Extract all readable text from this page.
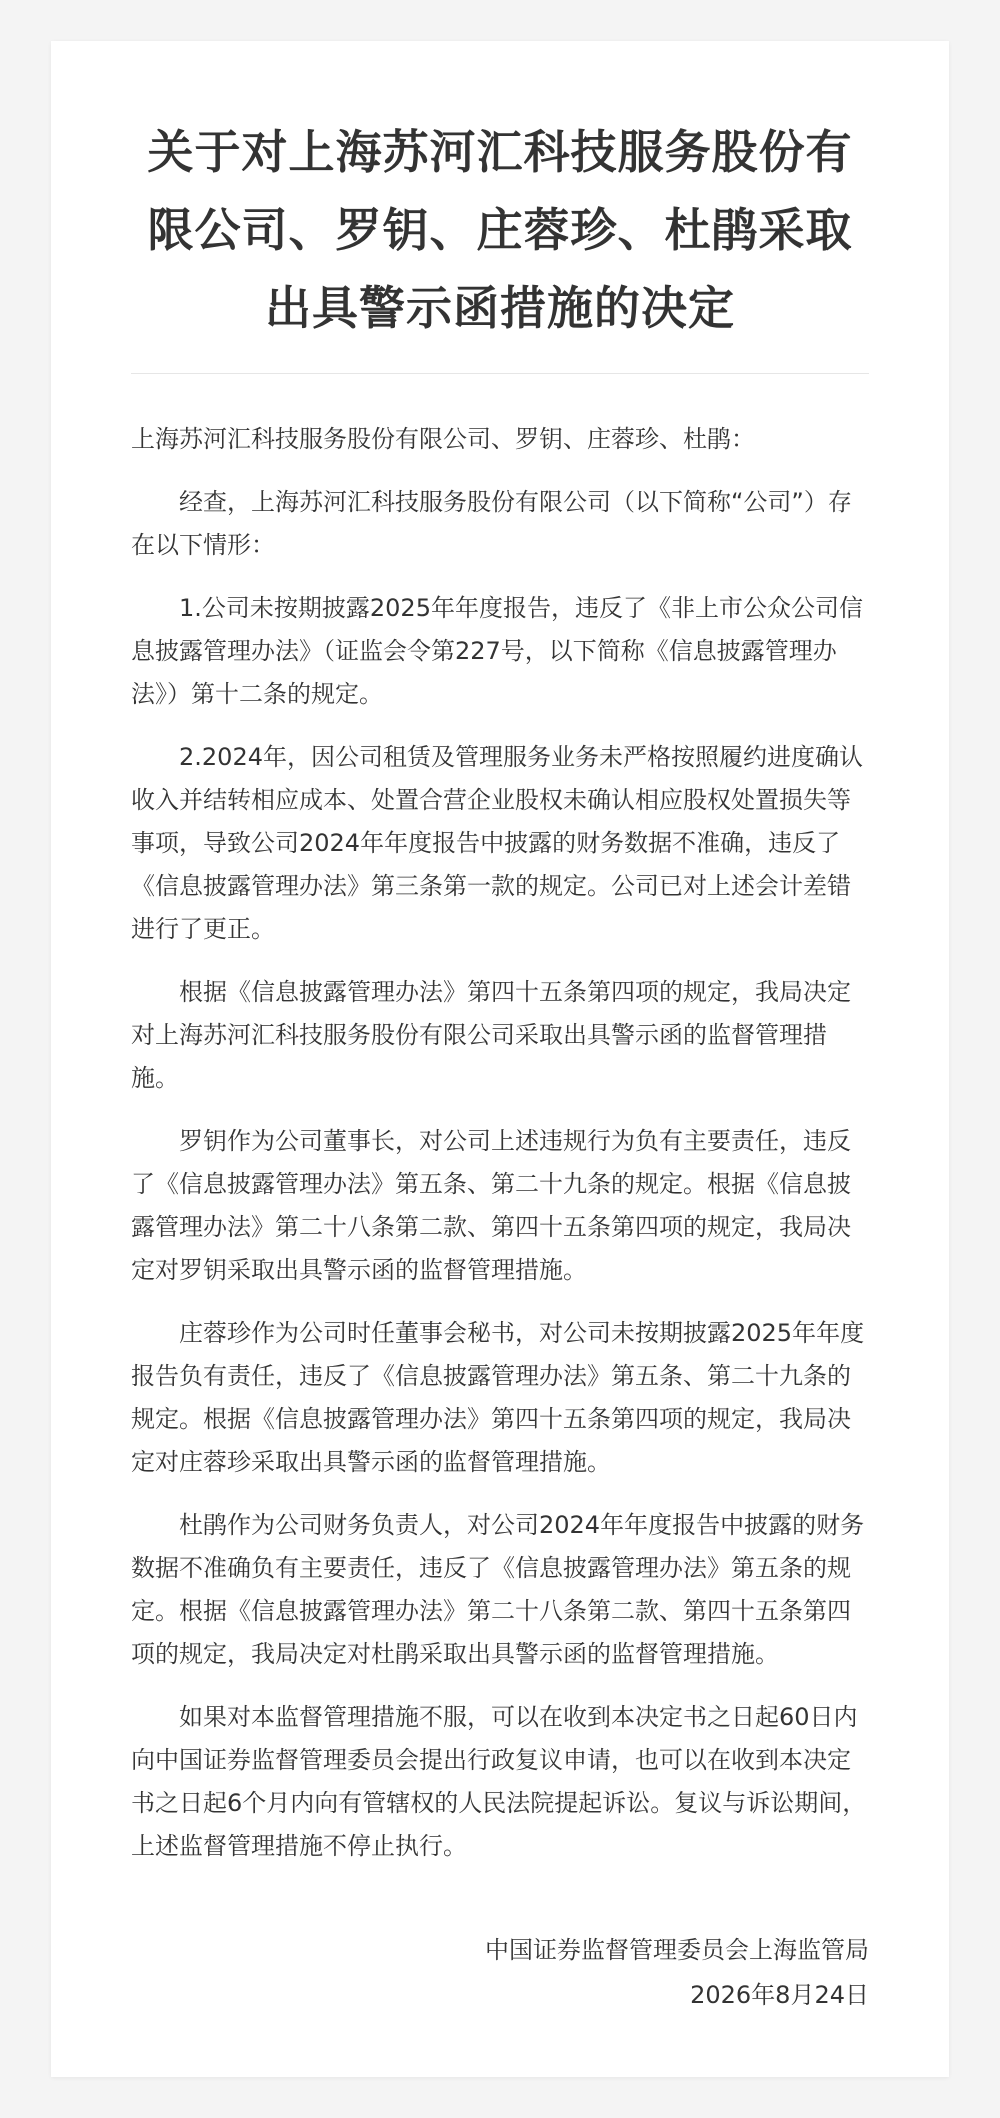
关于对上海苏河汇科技服务股份有限公司、罗钥、庄蓉珍、杜鹃采取出具警示函措施的决定

上海苏河汇科技服务股份有限公司、罗钥、庄蓉珍、杜鹃：

经查，上海苏河汇科技服务股份有限公司（以下简称“公司”）存在以下情形：

1.公司未按期披露2025年年度报告，违反了《非上市公众公司信息披露管理办法》（证监会令第227号，以下简称《信息披露管理办法》）第十二条的规定。

2.2024年，因公司租赁及管理服务业务未严格按照履约进度确认收入并结转相应成本、处置合营企业股权未确认相应股权处置损失等事项，导致公司2024年年度报告中披露的财务数据不准确，违反了《信息披露管理办法》第三条第一款的规定。公司已对上述会计差错进行了更正。

根据《信息披露管理办法》第四十五条第四项的规定，我局决定对上海苏河汇科技服务股份有限公司采取出具警示函的监督管理措施。

罗钥作为公司董事长，对公司上述违规行为负有主要责任，违反了《信息披露管理办法》第五条、第二十九条的规定。根据《信息披露管理办法》第二十八条第二款、第四十五条第四项的规定，我局决定对罗钥采取出具警示函的监督管理措施。

庄蓉珍作为公司时任董事会秘书，对公司未按期披露2025年年度报告负有责任，违反了《信息披露管理办法》第五条、第二十九条的规定。根据《信息披露管理办法》第四十五条第四项的规定，我局决定对庄蓉珍采取出具警示函的监督管理措施。

杜鹃作为公司财务负责人，对公司2024年年度报告中披露的财务数据不准确负有主要责任，违反了《信息披露管理办法》第五条的规定。根据《信息披露管理办法》第二十八条第二款、第四十五条第四项的规定，我局决定对杜鹃采取出具警示函的监督管理措施。

如果对本监督管理措施不服，可以在收到本决定书之日起60日内向中国证券监督管理委员会提出行政复议申请，也可以在收到本决定书之日起6个月内向有管辖权的人民法院提起诉讼。复议与诉讼期间，上述监督管理措施不停止执行。

中国证券监督管理委员会上海监管局
2026年8月24日
